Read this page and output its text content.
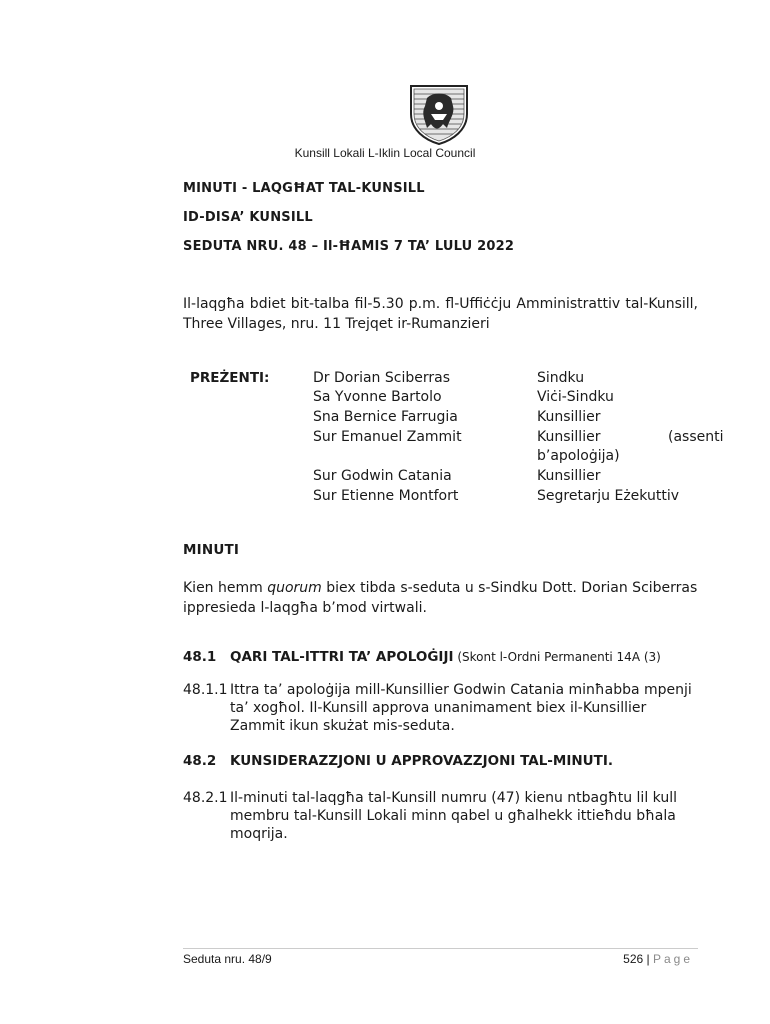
Kunsill Lokali L-Iklin Local Council
MINUTI - LAQGĦAT TAL-KUNSILL
ID-DISA’ KUNSILL
SEDUTA NRU. 48 – Il-ĦAMIS 7 TA’ LULU 2022
Il-laqgħa bdiet bit-talba fil-5.30 p.m. fl-Uffiċċju Amministrattiv tal-Kunsill, Three Villages, nru. 11 Trejqet ir-Rumanzieri
PREŻENTI:	Dr Dorian Sciberras	Sindku
Sa Yvonne Bartolo	Viċi-Sindku
Sna Bernice Farrugia	Kunsillier
Sur Emanuel Zammit	Kunsillier	(assenti
b’apoloġija)
Sur Godwin Catania	Kunsillier
Sur Etienne Montfort	Segretarju Eżekuttiv
MINUTI
Kien hemm quorum biex tibda s-seduta u s-Sindku Dott. Dorian Sciberras ippresieda l-laqgħa b’mod virtwali.
48.1 QARI TAL-ITTRI TA’ APOLOĠIJI (Skont l-Ordni Permanenti 14A (3)
48.1.1 Ittra ta’ apoloġija mill-Kunsillier Godwin Catania minħabba mpenji ta’ xogħol. Il-Kunsill approva unanimament biex il-Kunsillier Zammit ikun skużat mis-seduta.
48.2 KUNSIDERAZZJONI U APPROVAZZJONI TAL-MINUTI.
48.2.1 Il-minuti tal-laqgħa tal-Kunsill numru (47) kienu ntbagħtu lil kull membru tal-Kunsill Lokali minn qabel u għalhekk ittieħdu bħala moqrija.
Seduta nru. 48/9	526 | Page
